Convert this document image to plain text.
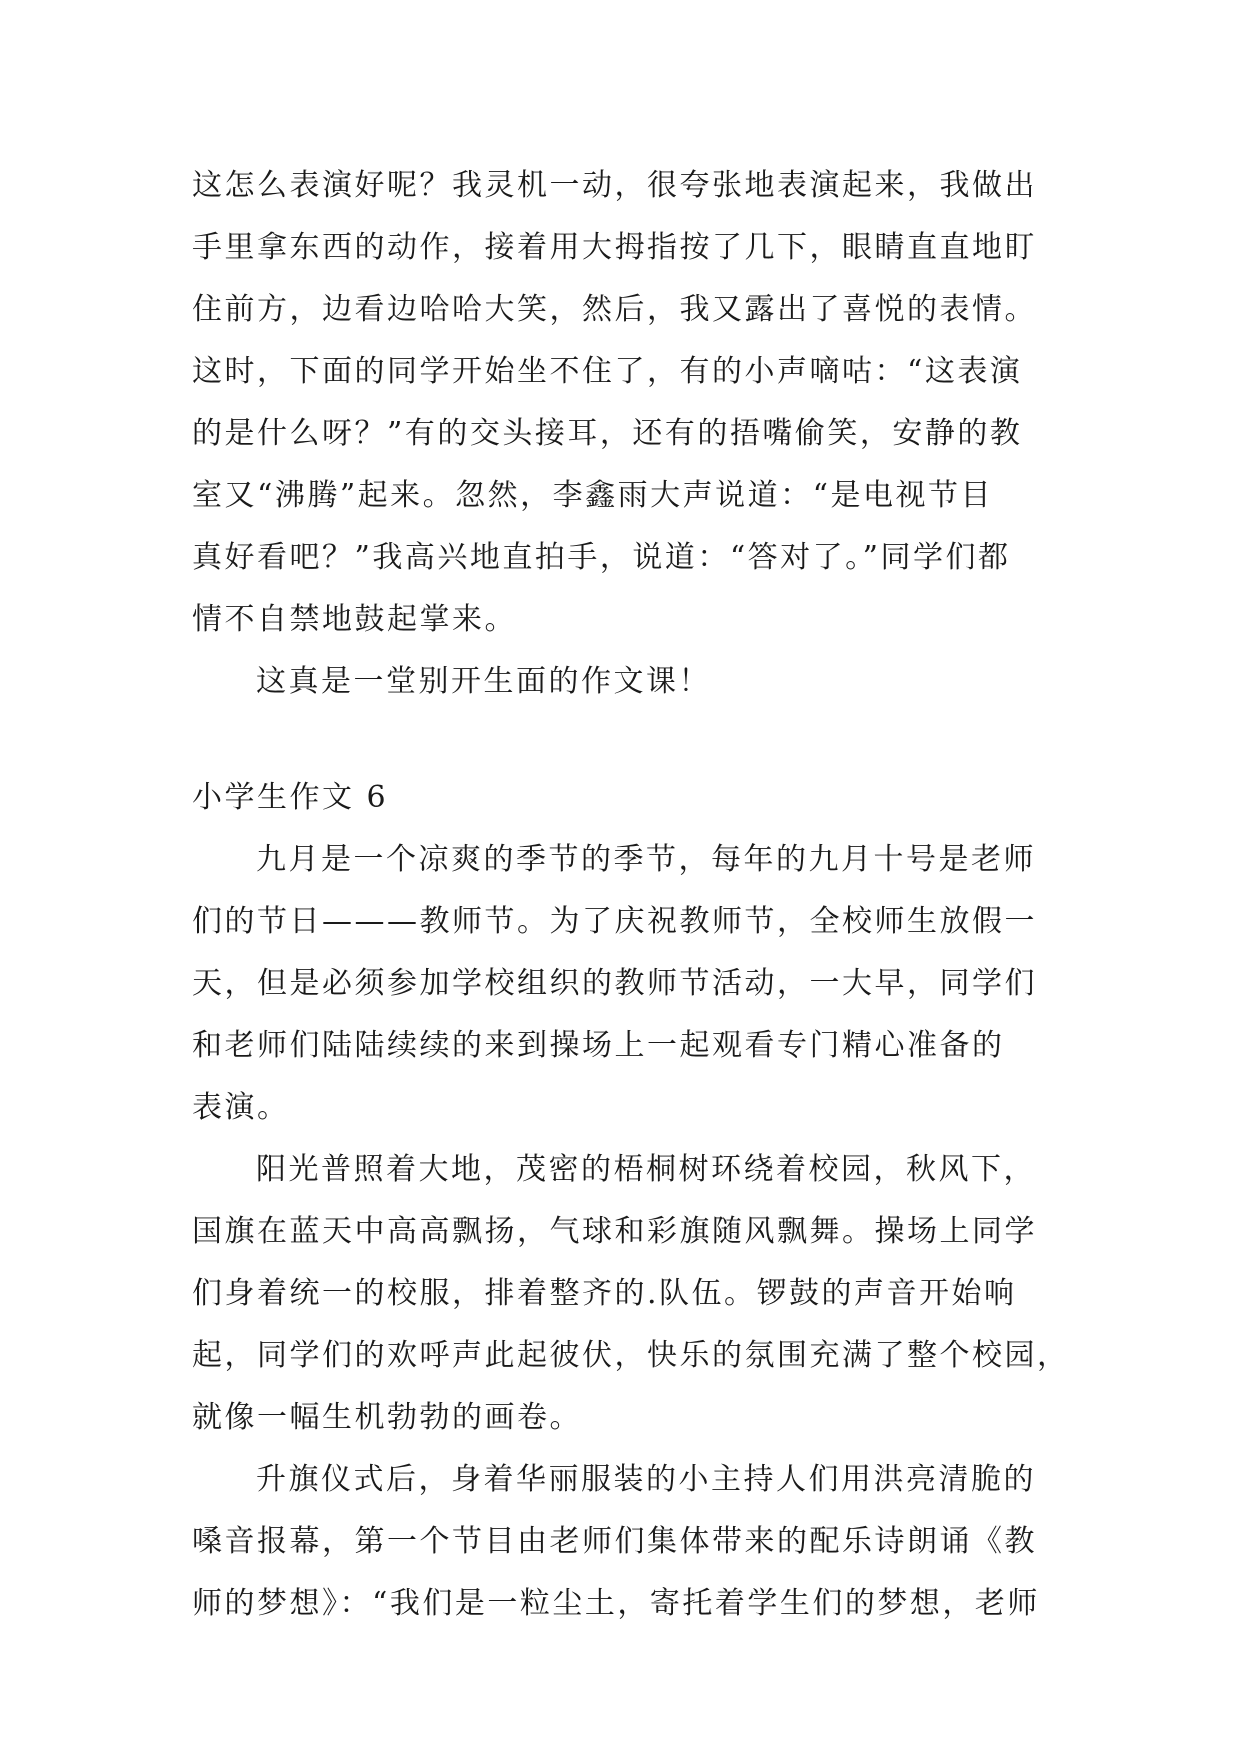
这怎么表演好呢？我灵机一动，很夸张地表演起来，我做出
手里拿东西的动作，接着用大拇指按了几下，眼睛直直地盯
住前方，边看边哈哈大笑，然后，我又露出了喜悦的表情。
这时，下面的同学开始坐不住了，有的小声嘀咕：“这表演
的是什么呀？”有的交头接耳，还有的捂嘴偷笑，安静的教
室又“沸腾”起来。忽然，李鑫雨大声说道：“是电视节目
真好看吧？”我高兴地直拍手，说道：“答对了。”同学们都
情不自禁地鼓起掌来。
这真是一堂别开生面的作文课！
小学生作文 6
九月是一个凉爽的季节的季节，每年的九月十号是老师
们的节日———教师节。为了庆祝教师节，全校师生放假一
天，但是必须参加学校组织的教师节活动，一大早，同学们
和老师们陆陆续续的来到操场上一起观看专门精心准备的
表演。
阳光普照着大地，茂密的梧桐树环绕着校园，秋风下，
国旗在蓝天中高高飘扬，气球和彩旗随风飘舞。操场上同学
们身着统一的校服，排着整齐的.队伍。锣鼓的声音开始响
起，同学们的欢呼声此起彼伏，快乐的氛围充满了整个校园，
就像一幅生机勃勃的画卷。
升旗仪式后，身着华丽服装的小主持人们用洪亮清脆的
嗓音报幕，第一个节目由老师们集体带来的配乐诗朗诵《教
师的梦想》：“我们是一粒尘土，寄托着学生们的梦想，老师
